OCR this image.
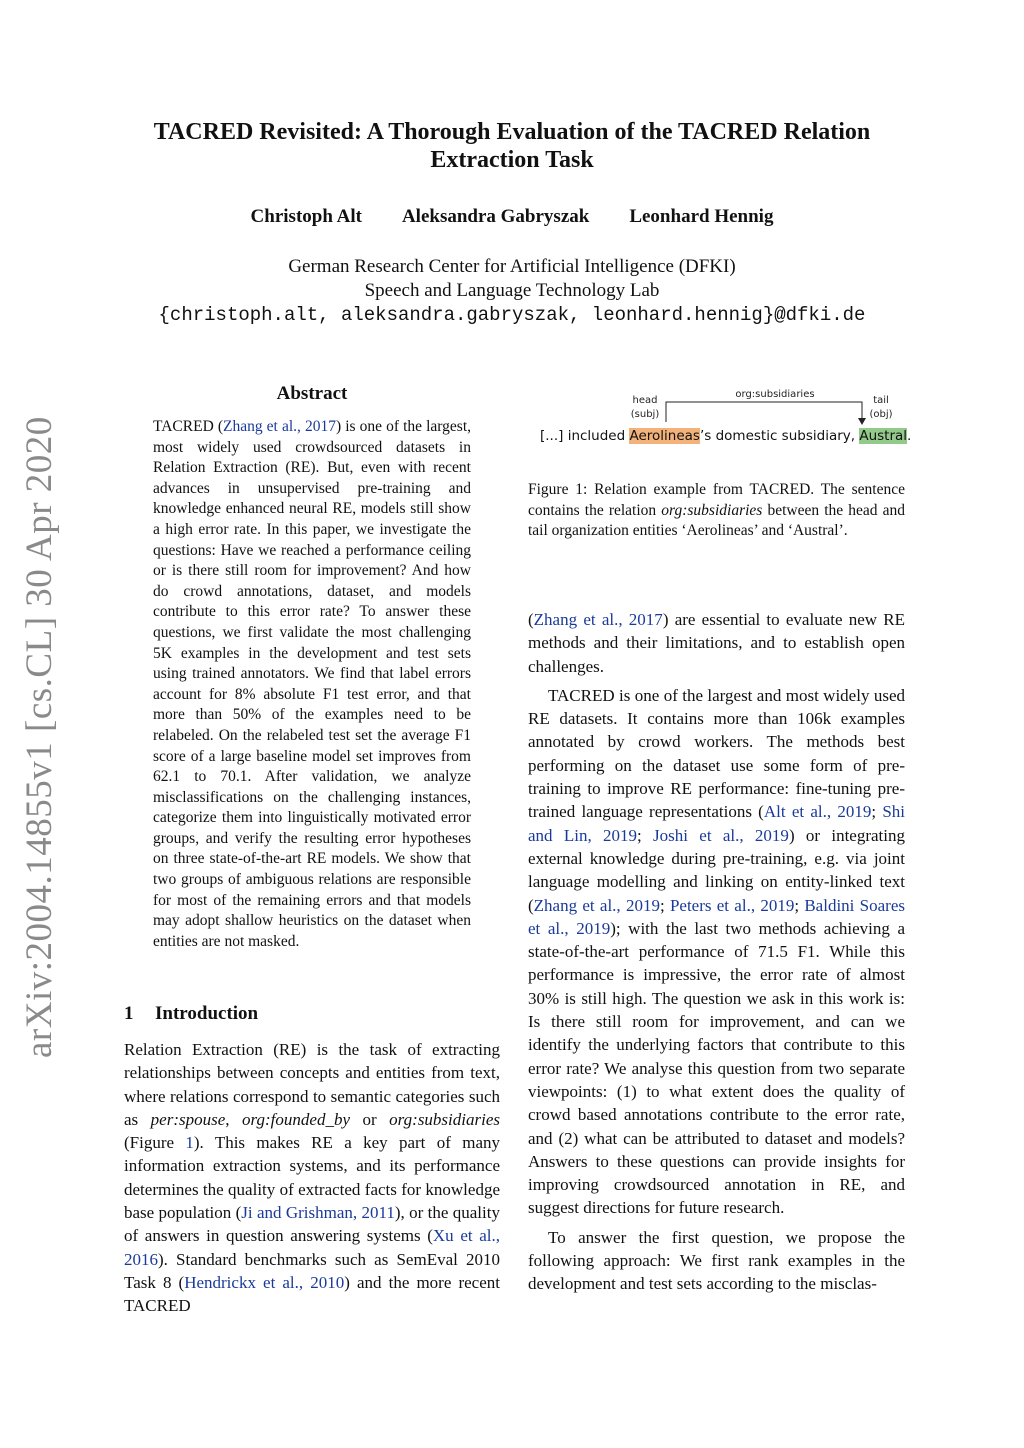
arXiv:2004.14855v1 [cs.CL] 30 Apr 2020
TACRED Revisited: A Thorough Evaluation of the TACRED Relation
Extraction Task
Christoph Alt Aleksandra Gabryszak Leonhard Hennig
German Research Center for Artificial Intelligence (DFKI)
Speech and Language Technology Lab
{christoph.alt, aleksandra.gabryszak, leonhard.hennig}@dfki.de
Abstract
TACRED (Zhang et al., 2017) is one of the largest, most widely used crowdsourced datasets in Relation Extraction (RE). But, even with recent advances in unsupervised pre-training and knowledge enhanced neural RE, models still show a high error rate. In this paper, we investigate the questions: Have we reached a performance ceiling or is there still room for improvement? And how do crowd annotations, dataset, and models contribute to this error rate? To answer these questions, we first validate the most challenging 5K examples in the development and test sets using trained annotators. We find that label errors account for 8% absolute F1 test error, and that more than 50% of the examples need to be relabeled. On the relabeled test set the average F1 score of a large baseline model set improves from 62.1 to 70.1. After validation, we analyze misclassifications on the challenging instances, categorize them into linguistically motivated error groups, and verify the resulting error hypotheses on three state-of-the-art RE models. We show that two groups of ambiguous relations are responsible for most of the remaining errors and that models may adopt shallow heuristics on the dataset when entities are not masked.
1 Introduction

Relation Extraction (RE) is the task of extracting relationships between concepts and entities from text, where relations correspond to semantic categories such as per:spouse, org:founded_by or org:subsidiaries (Figure 1). This makes RE a key part of many information extraction systems, and its performance determines the quality of extracted facts for knowledge base population (Ji and Grishman, 2011), or the quality of answers in question answering systems (Xu et al., 2016). Standard benchmarks such as SemEval 2010 Task 8 (Hendrickx et al., 2010) and the more recent TACRED

head
(subj)
org:subsidiaries
tail
(obj)
[...] included Aerolineas’s domestic subsidiary, Austral.
Figure 1: Relation example from TACRED. The sentence contains the relation org:subsidiaries between the head and tail organization entities ‘Aerolineas’ and ‘Austral’.

(Zhang et al., 2017) are essential to evaluate new RE methods and their limitations, and to establish open challenges.

TACRED is one of the largest and most widely used RE datasets. It contains more than 106k examples annotated by crowd workers. The methods best performing on the dataset use some form of pre-training to improve RE performance: fine-tuning pre-trained language representations (Alt et al., 2019; Shi and Lin, 2019; Joshi et al., 2019) or integrating external knowledge during pre-training, e.g. via joint language modelling and linking on entity-linked text (Zhang et al., 2019; Peters et al., 2019; Baldini Soares et al., 2019); with the last two methods achieving a state-of-the-art performance of 71.5 F1. While this performance is impressive, the error rate of almost 30% is still high. The question we ask in this work is: Is there still room for improvement, and can we identify the underlying factors that contribute to this error rate? We analyse this question from two separate viewpoints: (1) to what extent does the quality of crowd based annotations contribute to the error rate, and (2) what can be attributed to dataset and models? Answers to these questions can provide insights for improving crowdsourced annotation in RE, and suggest directions for future research.

To answer the first question, we propose the following approach: We first rank examples in the development and test sets according to the misclas-
